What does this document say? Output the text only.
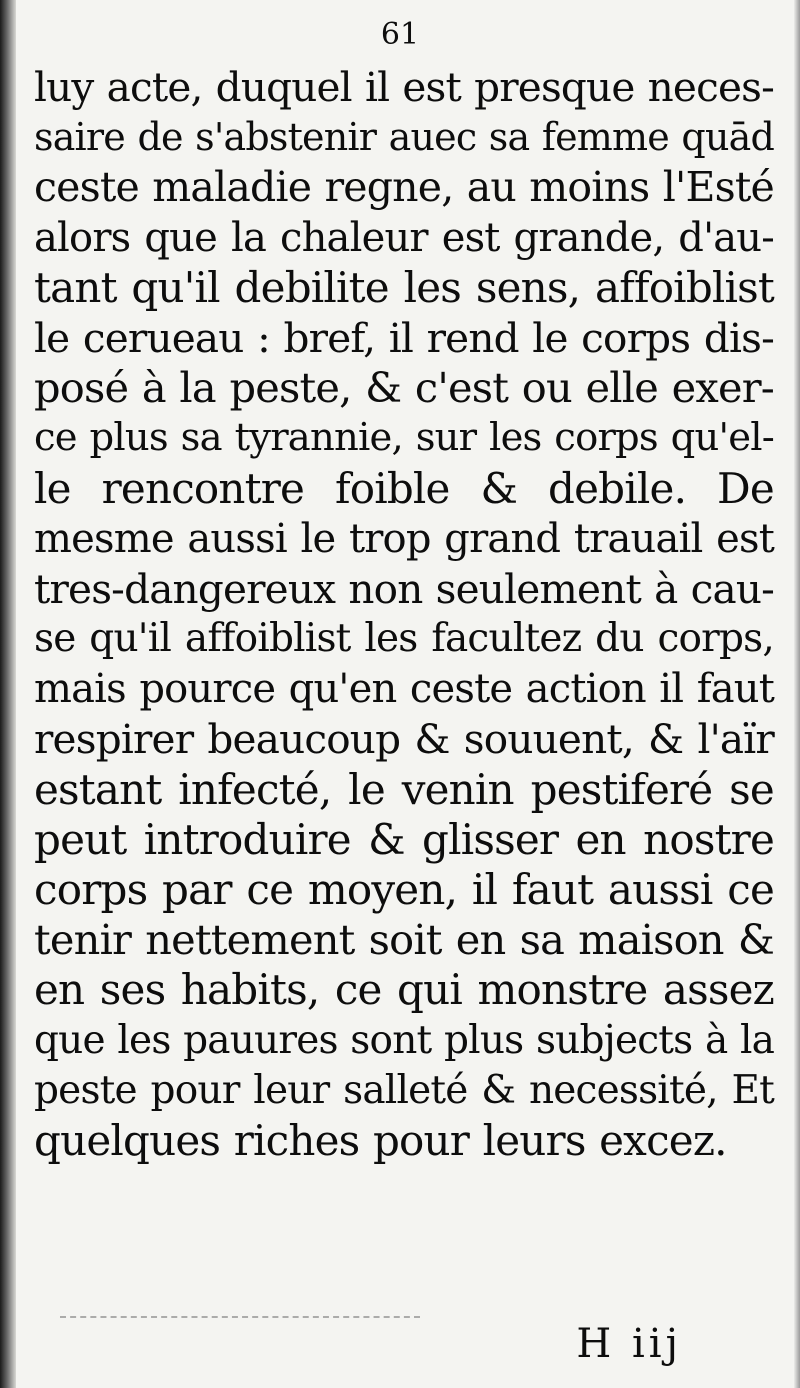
61
luy acte, duquel il est presque neces-
saire de s'abstenir auec sa femme quād
ceste maladie regne, au moins l'Esté
alors que la chaleur est grande, d'au-
tant qu'il debilite les sens, affoiblist
le cerueau : bref, il rend le corps dis-
posé à la peste, & c'est ou elle exer-
ce plus sa tyrannie, sur les corps qu'el-
le rencontre foible & debile. De
mesme aussi le trop grand trauail est
tres-dangereux non seulement à cau-
se qu'il affoiblist les facultez du corps,
mais pource qu'en ceste action il faut
respirer beaucoup & souuent, & l'aïr
estant infecté, le venin pestiferé se
peut introduire & glisser en nostre
corps par ce moyen, il faut aussi ce
tenir nettement soit en sa maison &
en ses habits, ce qui monstre assez
que les pauures sont plus subjects à la
peste pour leur salleté & necessité, Et
quelques riches pour leurs excez.
H iij
